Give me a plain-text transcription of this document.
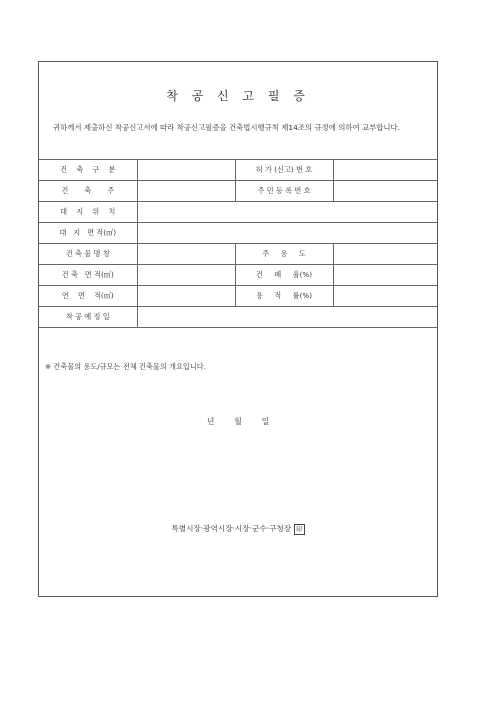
착 공 신 고 필 증
귀하께서 제출하신 착공신고서에 따라 착공신고필증을 건축법시행규칙 제14조의 규정에 의하여 교부합니다.
건    축    구    분		허 가 (신고) 번 호	
건       축       주		주 민 등 록 번 호	
대    지    위    치			
대   지   면 적(㎡)			
건 축 물 명 칭		주     용     도	
건 축   면 적(㎡)		건     폐     율(%)	
연    면    적(㎡)		용     적     률(%)	
착 공 예 정 일			
※ 건축물의 용도/규모는 전체 건축물의 개요입니다.
년        월        일
특별시장·광역시장·시장·군수·구청장 印
